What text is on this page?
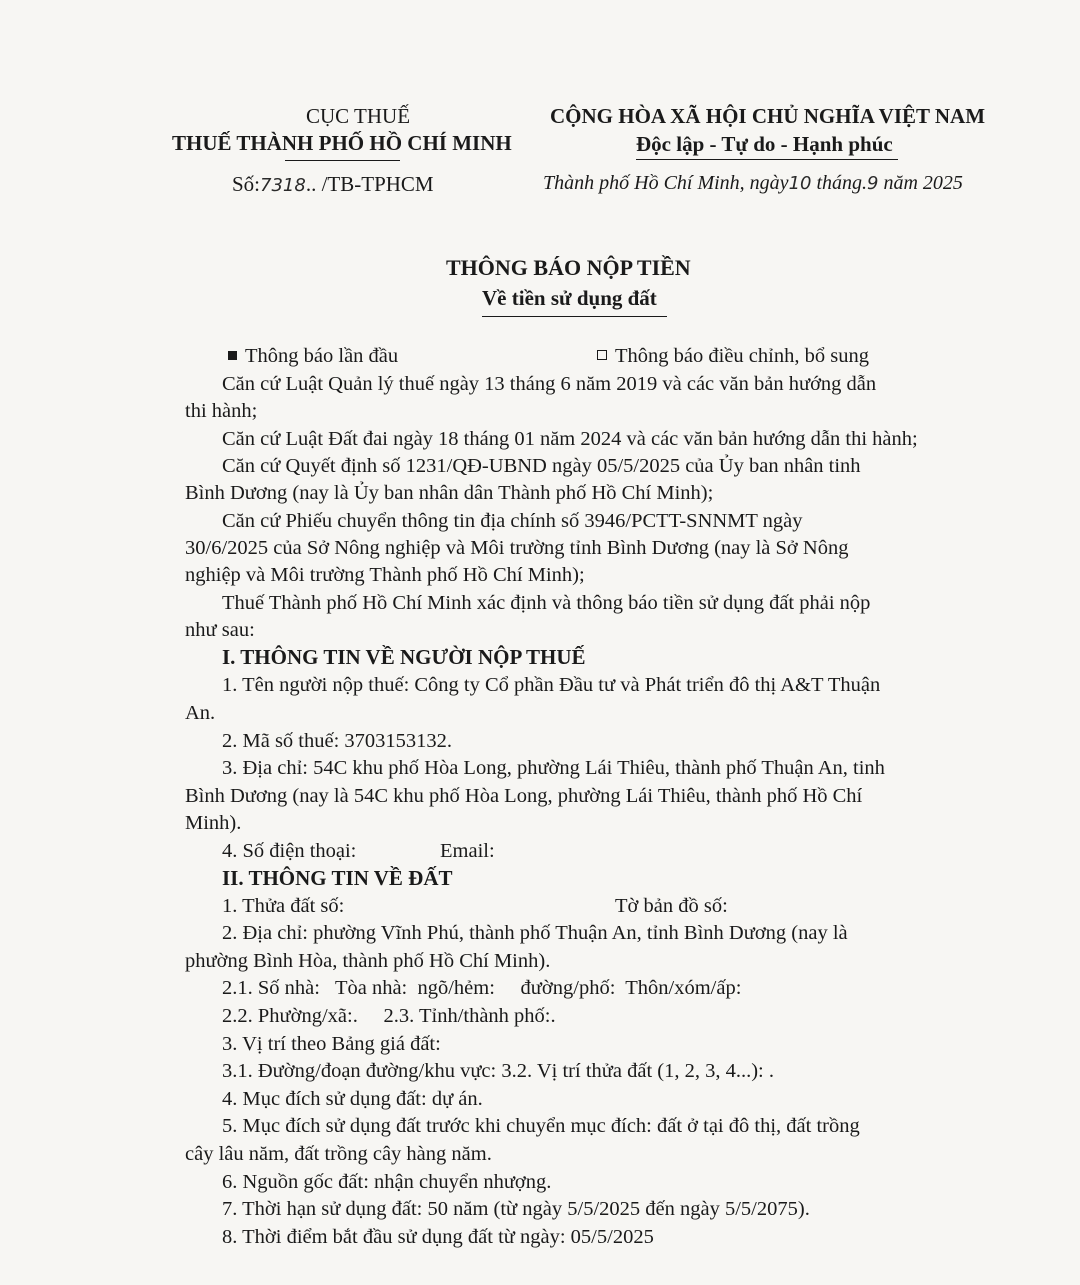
CỤC THUẾ
THUẾ THÀNH PHỐ HỒ CHÍ MINH
Số:7318.. /TB-TPHCM
CỘNG HÒA XÃ HỘI CHỦ NGHĨA VIỆT NAM
Độc lập - Tự do - Hạnh phúc
Thành phố Hồ Chí Minh, ngày10 tháng.9 năm 2025
THÔNG BÁO NỘP TIỀN
Về tiền sử dụng đất
Thông báo lần đầu	Thông báo điều chỉnh, bổ sung
Căn cứ Luật Quản lý thuế ngày 13 tháng 6 năm 2019 và các văn bản hướng dẫn
thi hành;
Căn cứ Luật Đất đai ngày 18 tháng 01 năm 2024 và các văn bản hướng dẫn thi hành;
Căn cứ Quyết định số 1231/QĐ-UBND ngày 05/5/2025 của Ủy ban nhân tinh
Bình Dương (nay là Ủy ban nhân dân Thành phố Hồ Chí Minh);
Căn cứ Phiếu chuyển thông tin địa chính số 3946/PCTT-SNNMT ngày
30/6/2025 của Sở Nông nghiệp và Môi trường tỉnh Bình Dương (nay là Sở Nông
nghiệp và Môi trường Thành phố Hồ Chí Minh);
Thuế Thành phố Hồ Chí Minh xác định và thông báo tiền sử dụng đất phải nộp
như sau:
I. THÔNG TIN VỀ NGƯỜI NỘP THUẾ
1. Tên người nộp thuế: Công ty Cổ phần Đầu tư và Phát triển đô thị A&T Thuận
An.
2. Mã số thuế: 3703153132.
3. Địa chỉ: 54C khu phố Hòa Long, phường Lái Thiêu, thành phố Thuận An, tinh
Bình Dương (nay là 54C khu phố Hòa Long, phường Lái Thiêu, thành phố Hồ Chí
Minh).
4. Số điện thoại:	Email:
II. THÔNG TIN VỀ ĐẤT
1. Thửa đất số:	Tờ bản đồ số:
2. Địa chỉ: phường Vĩnh Phú, thành phố Thuận An, tỉnh Bình Dương (nay là
phường Bình Hòa, thành phố Hồ Chí Minh).
2.1. Số nhà:   Tòa nhà:  ngõ/hẻm:     đường/phố:  Thôn/xóm/ấp:
2.2. Phường/xã:.     2.3. Tỉnh/thành phố:.
3. Vị trí theo Bảng giá đất:
3.1. Đường/đoạn đường/khu vực: 3.2. Vị trí thửa đất (1, 2, 3, 4...): .
4. Mục đích sử dụng đất: dự án.
5. Mục đích sử dụng đất trước khi chuyển mục đích: đất ở tại đô thị, đất trồng
cây lâu năm, đất trồng cây hàng năm.
6. Nguồn gốc đất: nhận chuyển nhượng.
7. Thời hạn sử dụng đất: 50 năm (từ ngày 5/5/2025 đến ngày 5/5/2075).
8. Thời điểm bắt đầu sử dụng đất từ ngày: 05/5/2025
